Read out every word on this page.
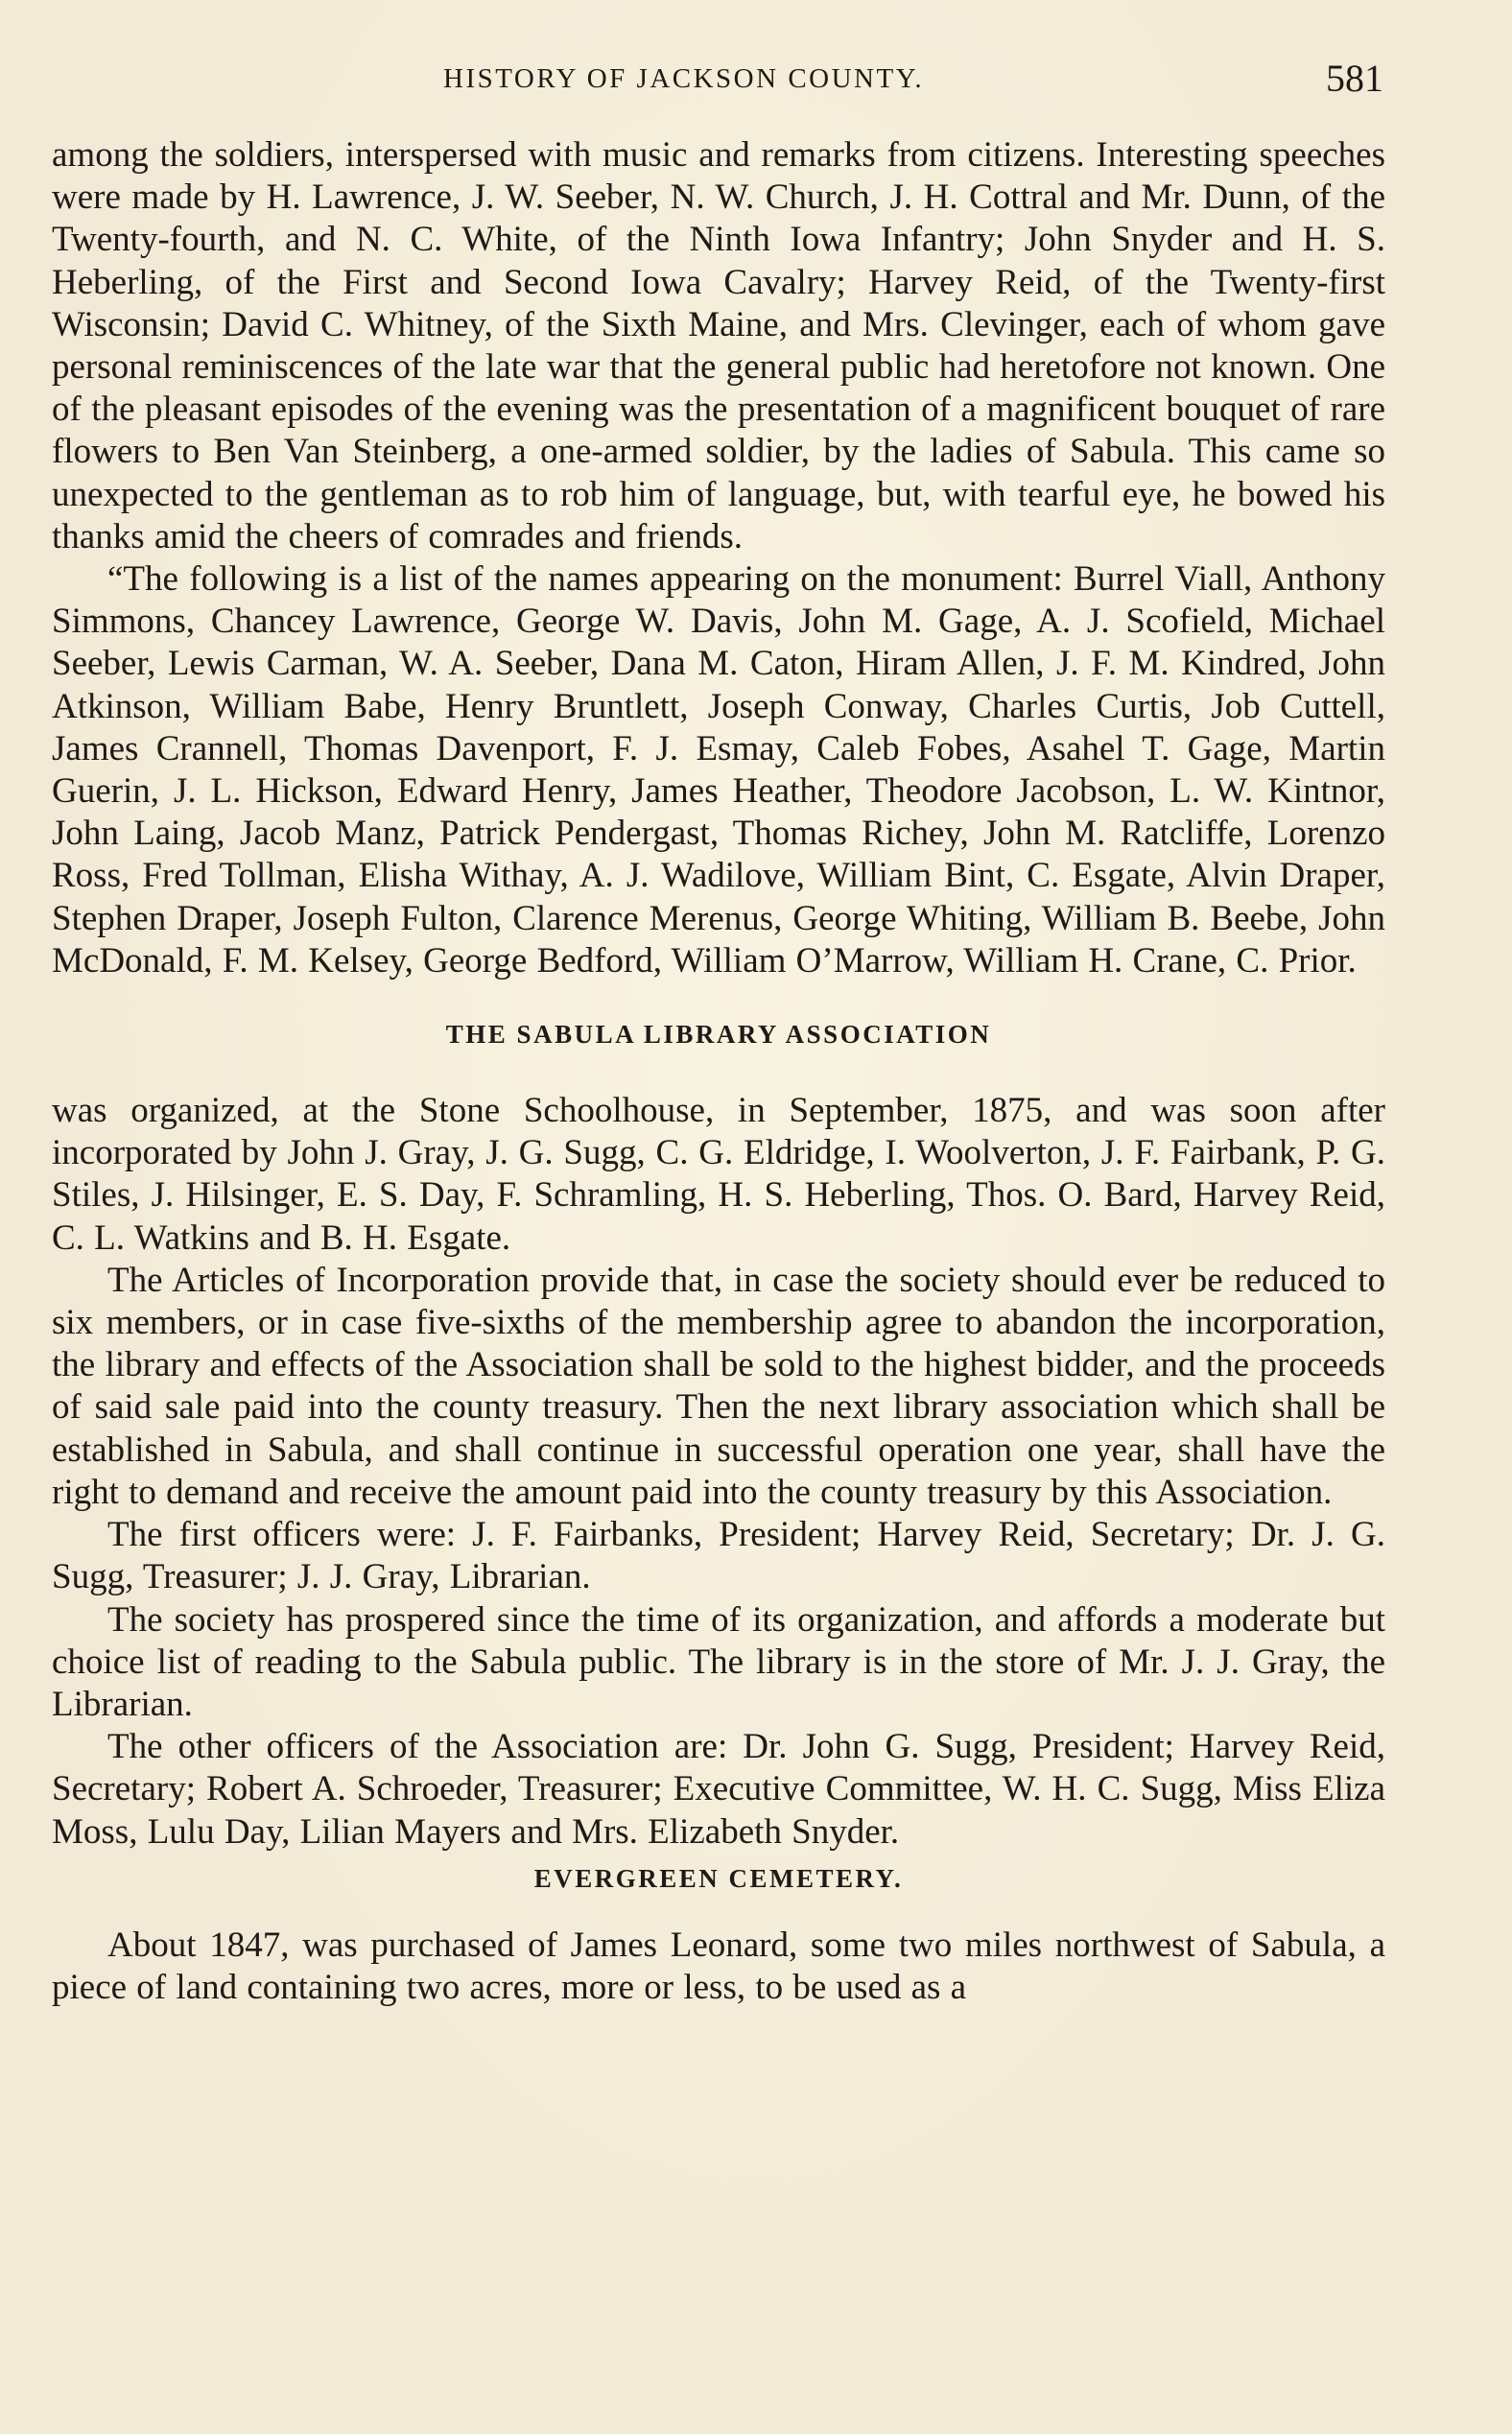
HISTORY OF JACKSON COUNTY.	581

among the soldiers, interspersed with music and remarks from citizens. Interesting speeches were made by H. Lawrence, J. W. Seeber, N. W. Church, J. H. Cottral and Mr. Dunn, of the Twenty-fourth, and N. C. White, of the Ninth Iowa Infantry; John Snyder and H. S. Heberling, of the First and Second Iowa Cavalry; Harvey Reid, of the Twenty-first Wisconsin; David C. Whitney, of the Sixth Maine, and Mrs. Clevinger, each of whom gave personal reminiscences of the late war that the general public had heretofore not known. One of the pleasant episodes of the evening was the presentation of a magnificent bouquet of rare flowers to Ben Van Steinberg, a one-armed soldier, by the ladies of Sabula. This came so unexpected to the gentleman as to rob him of language, but, with tearful eye, he bowed his thanks amid the cheers of comrades and friends.

“The following is a list of the names appearing on the monument: Burrel Viall, Anthony Simmons, Chancey Lawrence, George W. Davis, John M. Gage, A. J. Scofield, Michael Seeber, Lewis Carman, W. A. Seeber, Dana M. Caton, Hiram Allen, J. F. M. Kindred, John Atkinson, William Babe, Henry Bruntlett, Joseph Conway, Charles Curtis, Job Cuttell, James Crannell, Thomas Davenport, F. J. Esmay, Caleb Fobes, Asahel T. Gage, Martin Guerin, J. L. Hickson, Edward Henry, James Heather, Theodore Jacobson, L. W. Kintnor, John Laing, Jacob Manz, Patrick Pendergast, Thomas Richey, John M. Ratcliffe, Lorenzo Ross, Fred Tollman, Elisha Withay, A. J. Wadilove, William Bint, C. Esgate, Alvin Draper, Stephen Draper, Joseph Fulton, Clarence Merenus, George Whiting, William B. Beebe, John McDonald, F. M. Kelsey, George Bedford, William O’Marrow, William H. Crane, C. Prior.

THE SABULA LIBRARY ASSOCIATION

was organized, at the Stone Schoolhouse, in September, 1875, and was soon after incorporated by John J. Gray, J. G. Sugg, C. G. Eldridge, I. Woolverton, J. F. Fairbank, P. G. Stiles, J. Hilsinger, E. S. Day, F. Schramling, H. S. Heberling, Thos. O. Bard, Harvey Reid, C. L. Watkins and B. H. Esgate.

The Articles of Incorporation provide that, in case the society should ever be reduced to six members, or in case five-sixths of the membership agree to abandon the incorporation, the library and effects of the Association shall be sold to the highest bidder, and the proceeds of said sale paid into the county treasury. Then the next library association which shall be established in Sabula, and shall continue in successful operation one year, shall have the right to demand and receive the amount paid into the county treasury by this Association.

The first officers were: J. F. Fairbanks, President; Harvey Reid, Secretary; Dr. J. G. Sugg, Treasurer; J. J. Gray, Librarian.

The society has prospered since the time of its organization, and affords a moderate but choice list of reading to the Sabula public. The library is in the store of Mr. J. J. Gray, the Librarian.

The other officers of the Association are: Dr. John G. Sugg, President; Harvey Reid, Secretary; Robert A. Schroeder, Treasurer; Executive Committee, W. H. C. Sugg, Miss Eliza Moss, Lulu Day, Lilian Mayers and Mrs. Elizabeth Snyder.

EVERGREEN CEMETERY.

About 1847, was purchased of James Leonard, some two miles northwest of Sabula, a piece of land containing two acres, more or less, to be used as a
